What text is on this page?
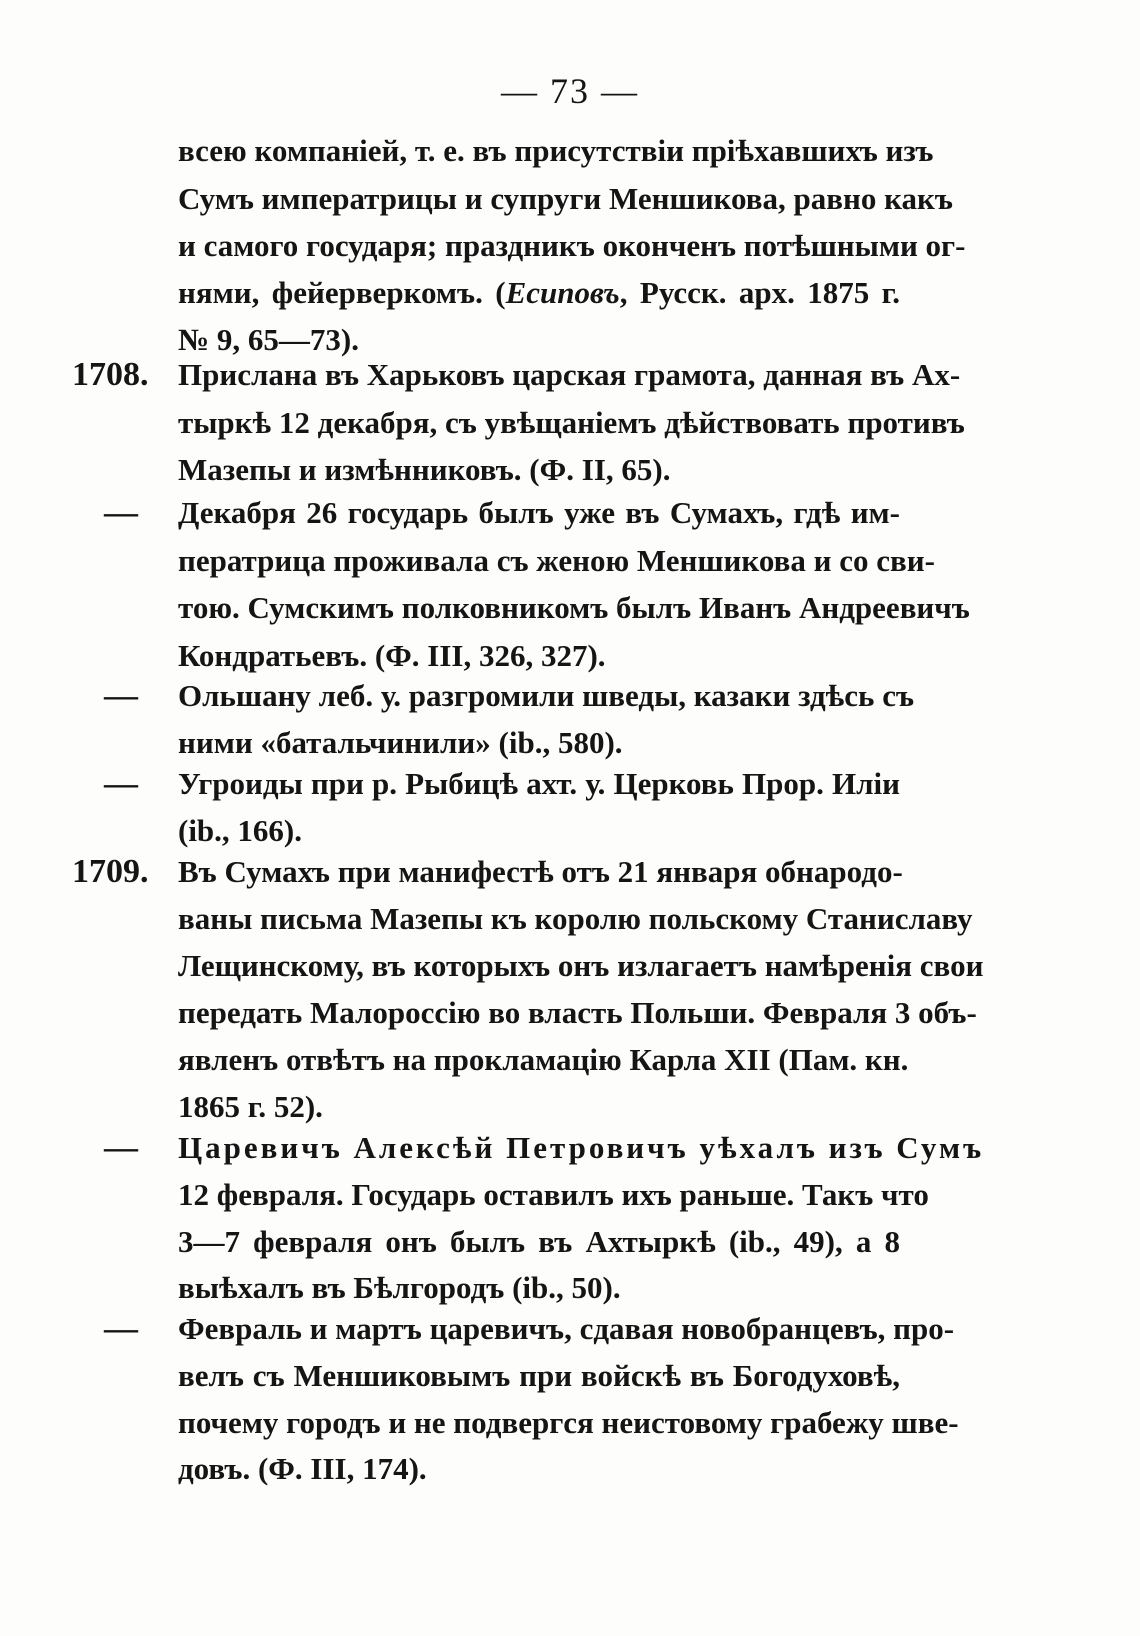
— 73 —
всею компаніей, т. е. въ присутствіи пріѣхавшихъ изъ
Сумъ императрицы и супруги Меншикова, равно какъ
и самого государя; праздникъ оконченъ потѣшными ог-
нями, фейерверкомъ. (Есиповъ, Русск. арх. 1875 г.
№ 9, 65—73).
1708. Прислана въ Харьковъ царская грамота, данная въ Ах-
тыркѣ 12 декабря, съ увѣщаніемъ дѣйствовать противъ
Мазепы и измѣнниковъ. (Ф. II, 65).
—	Декабря 26 государь былъ уже въ Сумахъ, гдѣ им-
ператрица проживала съ женою Меншикова и со сви-
тою. Сумскимъ полковникомъ былъ Иванъ Андреевичъ
Кондратьевъ. (Ф. III, 326, 327).
—	Ольшану леб. у. разгромили шведы, казаки здѣсь съ
ними «батальчинили» (ib., 580).
—	Угроиды при р. Рыбицѣ ахт. у. Церковь Прор. Иліи
(ib., 166).
1709. Въ Сумахъ при манифестѣ отъ 21 января обнародо-
ваны письма Мазепы къ королю польскому Станиславу
Лещинскому, въ которыхъ онъ излагаетъ намѣренія свои
передать Малороссію во власть Польши. Февраля 3 объ-
явленъ отвѣтъ на прокламацію Карла XII (Пам. кн.
1865 г. 52).
—	Царевичъ Алексѣй Петровичъ уѣхалъ изъ Сумъ
12 февраля. Государь оставилъ ихъ раньше. Такъ что
3—7 февраля онъ былъ въ Ахтыркѣ (ib., 49), а 8
выѣхалъ въ Бѣлгородъ (ib., 50).
—	Февраль и мартъ царевичъ, сдавая новобранцевъ, про-
велъ съ Меншиковымъ при войскѣ въ Богодуховѣ,
почему городъ и не подвергся неистовому грабежу шве-
довъ. (Ф. III, 174).
